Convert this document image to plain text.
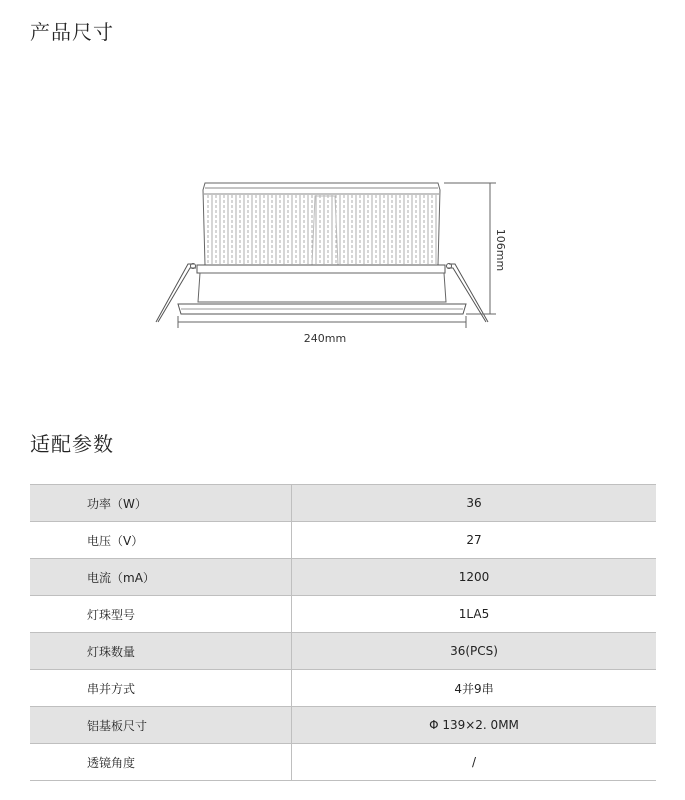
产品尺寸
240mm
106mm
适配参数
功率（W）	36
电压（V）	27
电流（mA）	1200
灯珠型号	1LA5
灯珠数量	36(PCS)
串并方式	4并9串
铝基板尺寸	Φ 139×2. 0MM
透镜角度	/
